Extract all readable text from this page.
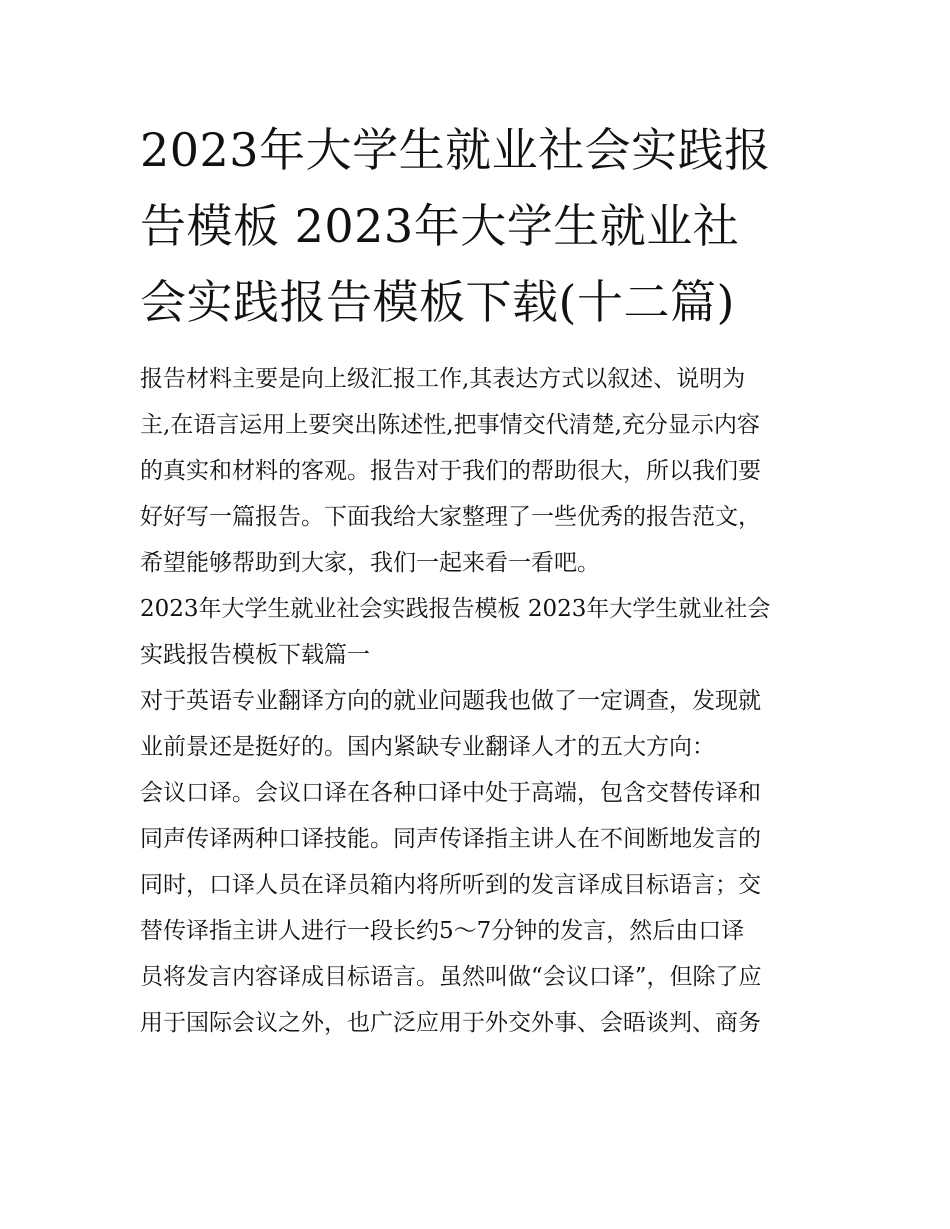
2023年大学生就业社会实践报
告模板 2023年大学生就业社
会实践报告模板下载(十二篇)
报告材料主要是向上级汇报工作,其表达方式以叙述、说明为
主,在语言运用上要突出陈述性,把事情交代清楚,充分显示内容
的真实和材料的客观。报告对于我们的帮助很大，所以我们要
好好写一篇报告。下面我给大家整理了一些优秀的报告范文，
希望能够帮助到大家，我们一起来看一看吧。
2023年大学生就业社会实践报告模板 2023年大学生就业社会
实践报告模板下载篇一
对于英语专业翻译方向的就业问题我也做了一定调查，发现就
业前景还是挺好的。国内紧缺专业翻译人才的五大方向：
会议口译。会议口译在各种口译中处于高端，包含交替传译和
同声传译两种口译技能。同声传译指主讲人在不间断地发言的
同时，口译人员在译员箱内将所听到的发言译成目标语言；交
替传译指主讲人进行一段长约5～7分钟的发言，然后由口译
员将发言内容译成目标语言。虽然叫做“会议口译”，但除了应
用于国际会议之外，也广泛应用于外交外事、会晤谈判、商务
